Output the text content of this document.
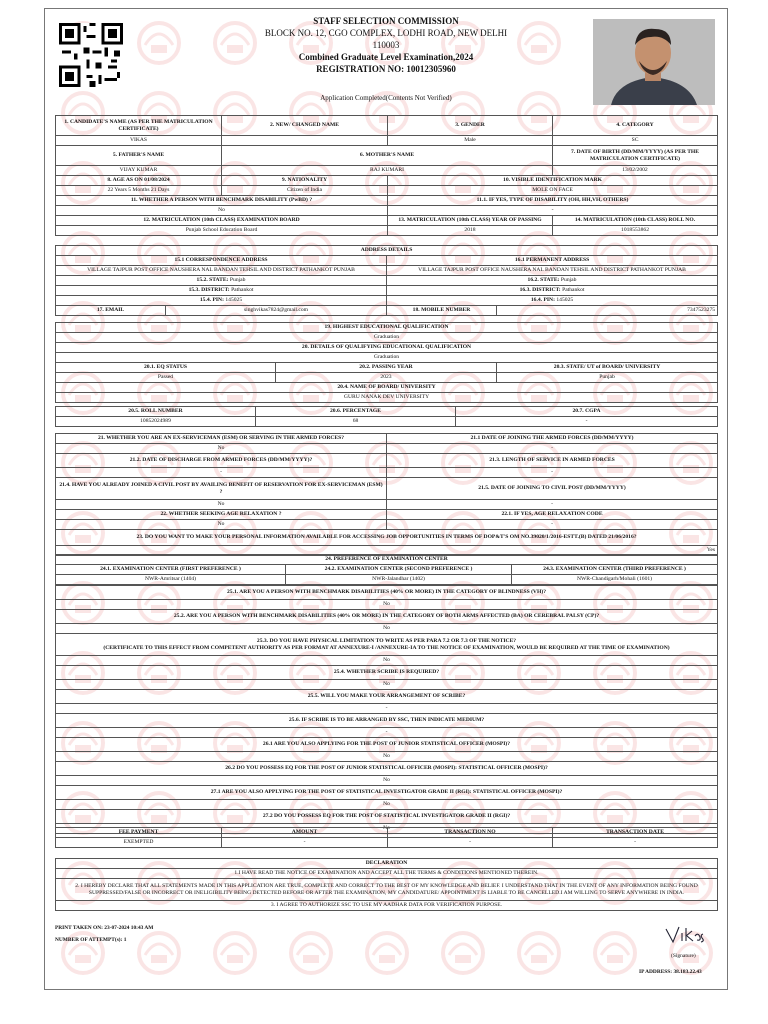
STAFF SELECTION COMMISSION
BLOCK NO. 12, CGO COMPLEX, LODHI ROAD, NEW DELHI
110003
Combined Graduate Level Examination,2024
REGISTRATION NO: 10012305960
Application Completed(Contents Not Verified)
1. CANDIDATE'S NAME (AS PER THE MATRICULATION CERTIFICATE)	2. NEW/ CHANGED NAME	3. GENDER	4. CATEGORY
VIKAS		Male	SC
5. FATHER'S NAME	6. MOTHER'S NAME		7. DATE OF BIRTH (DD/MM/YYYY) (AS PER THE MATRICULATION CERTIFICATE)
VIJAY KUMAR	RAJ KUMARI		13/02/2002
8. AGE AS ON 01/08/2024	9. NATIONALITY	10. VISIBLE IDENTIFICATION MARK	
22 Years 5 Months 21 Days	Citizen of India	MOLE ON FACE	
11. WHETHER A PERSON WITH BENCHMARK DISABILITY (PwBD) ?		11.1. IF YES, TYPE OF DISABILITY (OH, HH,VH, OTHERS)	
No		-	
12. MATRICULATION (10th CLASS) EXAMINATION BOARD		13. MATRICULATION (10th CLASS) YEAR OF PASSING	14. MATRICULATION (10th CLASS) ROLL NO.
Punjab School Education Board		2018	1018553862
ADDRESS DETAILS			
15.1 CORRESPONDENCE ADDRESS		16.1 PERMANENT ADDRESS	
VILLAGE TAJPUR POST OFFICE NAUSHERA NAL BANDAN TEHSIL AND DISTRICT PATHANKOT PUNJAB		VILLAGE TAJPUR POST OFFICE NAUSHERA NAL BANDAN TEHSIL AND DISTRICT PATHANKOT PUNJAB	
15.2. STATE: Punjab		16.2. STATE: Punjab	
15.3. DISTRICT: Pathankot		16.3. DISTRICT: Pathankot	
15.4. PIN: 145025		16.4. PIN: 145025	
17. EMAIL	singhvikas7824@gmail.com	18. MOBILE NUMBER	7347523275
19. HIGHEST EDUCATIONAL QUALIFICATION		
Graduation		
20. DETAILS OF QUALIFYING EDUCATIONAL QUALIFICATION		
Graduation		
20.1. EQ STATUS	20.2. PASSING YEAR	20.3. STATE/ UT of BOARD/ UNIVERSITY
Passed	2023	Punjab
20.4. NAME OF BOARD/ UNIVERSITY		
GURU NANAK DEV UNIVERSITY		
20.5. ROLL NUMBER	20.6. PERCENTAGE	20.7. CGPA
10852024989	68	-
21. WHETHER YOU ARE AN EX-SERVICEMAN (ESM) OR SERVING IN THE ARMED FORCES?	21.1 DATE OF JOINING THE ARMED FORCES (DD/MM/YYYY)
No	-
21.2. DATE OF DISCHARGE FROM ARMED FORCES (DD/MM/YYYY)?	21.3. LENGTH OF SERVICE IN ARMED FORCES
-	-
21.4. HAVE YOU ALREADY JOINED A CIVIL POST BY AVAILING BENEFIT OF RESERVATION FOR EX-SERVICEMAN (ESM) ?	21.5. DATE OF JOINING TO CIVIL POST (DD/MM/YYYY)
No	-
22. WHETHER SEEKING AGE RELAXATION ?	22.1. IF YES, AGE RELAXATION CODE
No	-
23. DO YOU WANT TO MAKE YOUR PERSONAL INFORMATION AVAILABLE FOR ACCESSING JOB OPPORTUNITIES IN TERMS OF DOP&T'S OM NO.39020/1/2016-ESTT.(B) DATED 21/06/2016?	
Yes	
24. PREFERENCE OF EXAMINATION CENTER		
24.1. EXAMINATION CENTER (FIRST PREFERENCE )	24.2. EXAMINATION CENTER (SECOND PREFERENCE )	24.3. EXAMINATION CENTER (THIRD PREFERENCE )
NWR-Amritsar (1404)	NWR-Jalandhar (1402)	NWR-Chandigarh/Mohali (1601)
25.1. ARE YOU A PERSON WITH BENCHMARK DISABILITIES (40% OR MORE) IN THE CATEGORY OF BLINDNESS (VH)?
No
25.2. ARE YOU A PERSON WITH BENCHMARK DISABILITIES (40% OR MORE) IN THE CATEGORY OF BOTH ARMS AFFECTED (BA) OR CEREBRAL PALSY (CP)?
No

25.3. DO YOU HAVE PHYSICAL LIMITATION TO WRITE AS PER PARA 7.2 OR 7.3 OF THE NOTICE?
(CERTIFICATE TO THIS EFFECT FROM COMPETENT AUTHORITY AS PER FORMAT AT ANNEXURE-I /ANNEXURE-IA TO THE NOTICE OF EXAMINATION, WOULD BE REQUIRED AT THE TIME OF EXAMINATION)

No
25.4. WHETHER SCRIBE IS REQUIRED?
No
25.5. WILL YOU MAKE YOUR ARRANGEMENT OF SCRIBE?
-
25.6. IF SCRIBE IS TO BE ARRANGED BY SSC, THEN INDICATE MEDIUM?
-
26.1 ARE YOU ALSO APPLYING FOR THE POST OF JUNIOR STATISTICAL OFFICER (MOSPI)?
No
26.2 DO YOU POSSESS EQ FOR THE POST OF JUNIOR STATISTICAL OFFICER (MOSPI): STATISTICAL OFFICER (MOSPI)?
No
27.1 ARE YOU ALSO APPLYING FOR THE POST OF STATISTICAL INVESTIGATOR GRADE II (RGI): STATISTICAL OFFICER (MOSPI)?
No
27.2 DO YOU POSSESS EQ FOR THE POST OF STATISTICAL INVESTIGATOR GRADE II (RGI)?
No
FEE PAYMENT	AMOUNT	TRANSACTION NO	TRANSACTION DATE
EXEMPTED	-	-	-
DECLARATION
1.I HAVE READ THE NOTICE OF EXAMINATION AND ACCEPT ALL THE TERMS & CONDITIONS MENTIONED THEREIN.
2. I HEREBY DECLARE THAT ALL STATEMENTS MADE IN THIS APPLICATION ARE TRUE, COMPLETE AND CORRECT TO THE BEST OF MY KNOWLEDGE AND BELIEF. I UNDERSTAND THAT IN THE EVENT OF ANY INFORMATION BEING FOUND SUPPRESSED/FALSE OR INCORRECT OR INELIGIBILITY BEING DETECTED BEFORE OR AFTER THE EXAMINATION, MY CANDIDATURE/ APPOINTMENT IS LIABLE TO BE CANCELLED.I AM WILLING TO SERVE ANYWHERE IN INDIA.
3. I AGREE TO AUTHORIZE SSC TO USE MY AADHAR DATA FOR VERIFICATION PURPOSE.
PRINT TAKEN ON: 23-07-2024 10:43 AM
NUMBER OF ATTEMPT(s): 1
(Signature)
IP ADDRESS: 38.183.22.43
